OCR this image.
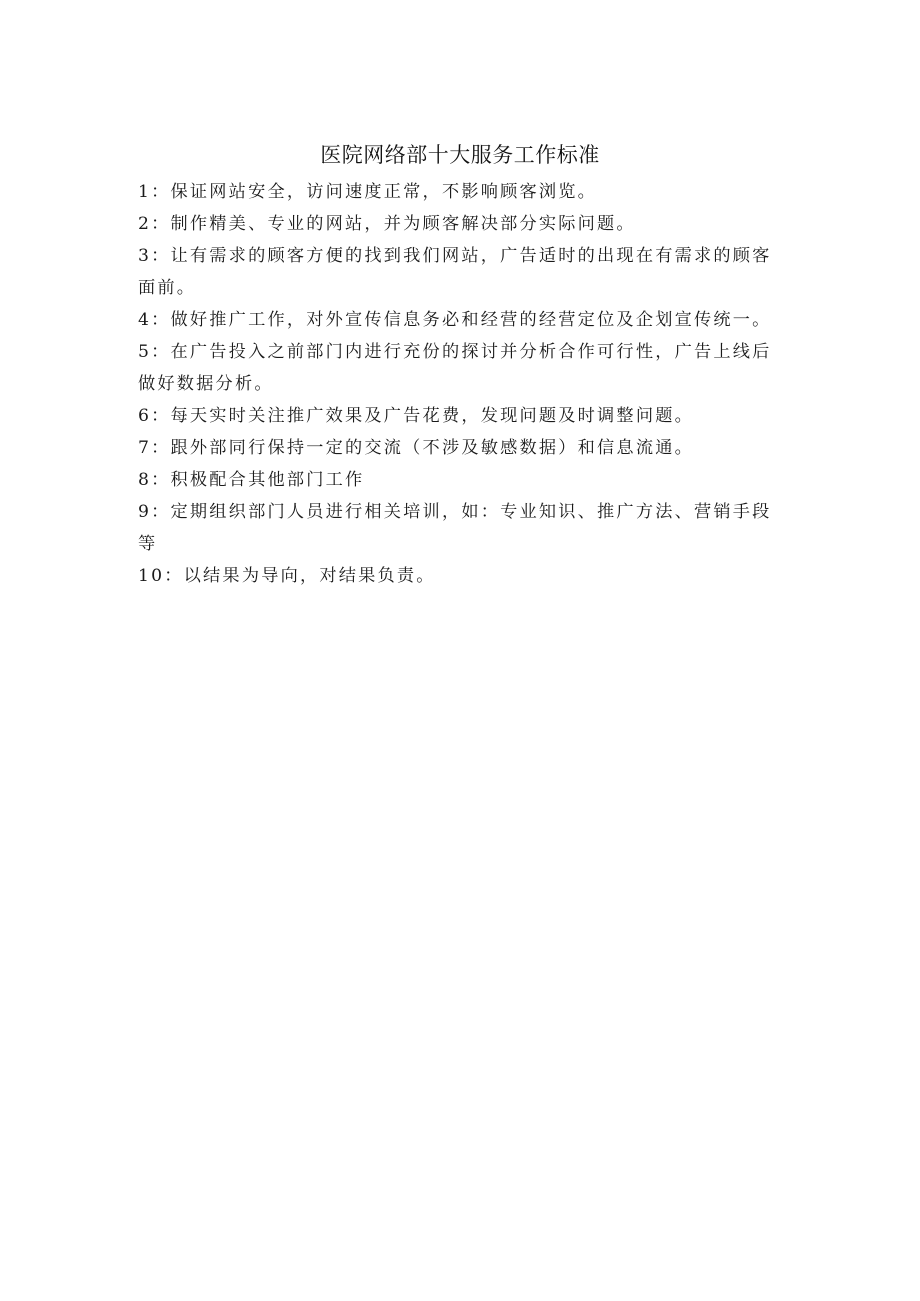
医院网络部十大服务工作标准

1：保证网站安全，访问速度正常，不影响顾客浏览。

2：制作精美、专业的网站，并为顾客解决部分实际问题。

3：让有需求的顾客方便的找到我们网站，广告适时的出现在有需求的顾客面前。

4：做好推广工作，对外宣传信息务必和经营的经营定位及企划宣传统一。

5：在广告投入之前部门内进行充份的探讨并分析合作可行性，广告上线后做好数据分析。

6：每天实时关注推广效果及广告花费，发现问题及时调整问题。

7：跟外部同行保持一定的交流（不涉及敏感数据）和信息流通。

8：积极配合其他部门工作

9：定期组织部门人员进行相关培训，如：专业知识、推广方法、营销手段等

10：以结果为导向，对结果负责。
